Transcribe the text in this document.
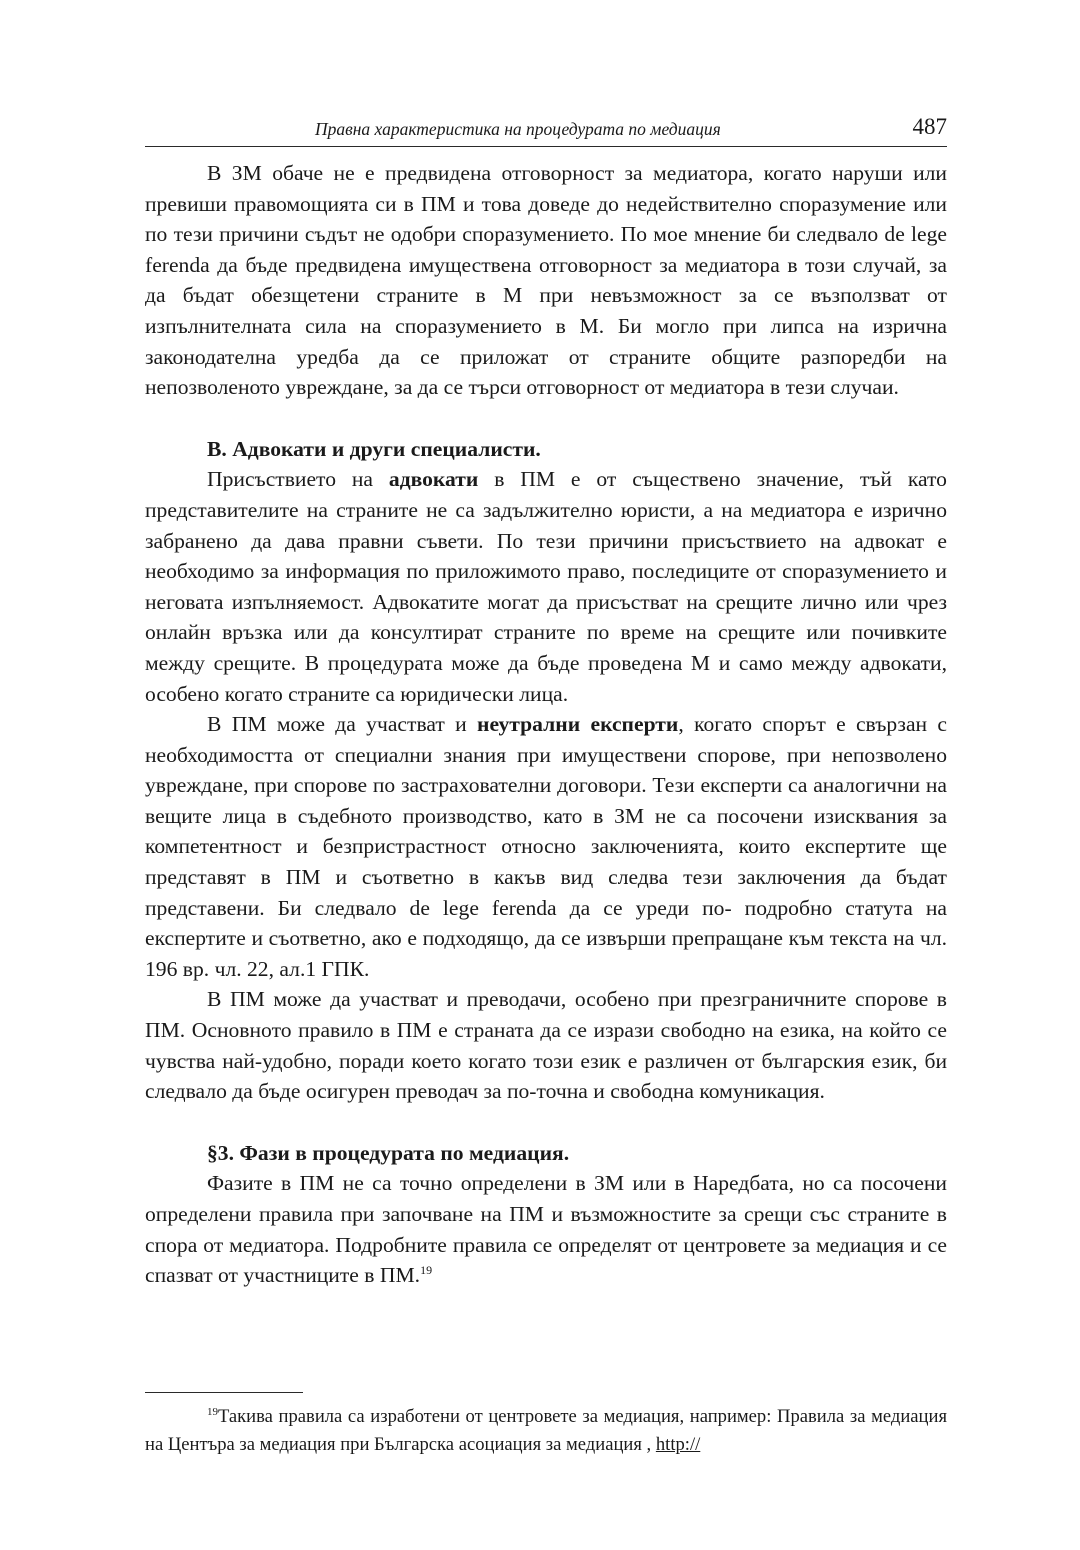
Правна характеристика на процедурата по медиация	487

В ЗМ обаче не е предвидена отговорност за медиатора, когато наруши или превиши правомощията си в ПМ и това доведе до недействително споразумение или по тези причини съдът не одобри споразумението. По мое мнение би следвало de lege ferenda да бъде предвидена имуществена отговорност за медиатора в този случай, за да бъдат обезщетени страните в М при невъзможност за се възползват от изпълнителната сила на споразумението в М. Би могло при липса на изрична законодателна уредба да се приложат от страните общите разпоредби на непозволеното увреждане, за да се търси отговорност от медиатора в тези случаи.

В. Адвокати и други специалисти.

Присъствието на адвокати в ПМ е от съществено значение, тъй като представителите на страните не са задължително юристи, а на медиатора е изрично забранено да дава правни съвети. По тези причини присъствието на адвокат е необходимо за информация по приложимото право, последиците от споразумението и неговата изпълняемост. Адвокатите могат да присъстват на срещите лично или чрез онлайн връзка или да консултират страните по време на срещите или почивките между срещите. В процедурата може да бъде проведена М и само между адвокати, особено когато страните са юридически лица.

В ПМ може да участват и неутрални експерти, когато спорът е свързан с необходимостта от специални знания при имуществени спорове, при непозволено увреждане, при спорове по застрахователни договори. Тези експерти са аналогични на вещите лица в съдебното производство, като в ЗМ не са посочени изисквания за компетентност и безпристрастност относно заключенията, които експертите ще представят в ПМ и съответно в какъв вид следва тези заключения да бъдат представени. Би следвало de lege ferenda да се уреди по- подробно статута на експертите и съответно, ако е подходящо, да се извърши препращане към текста на чл. 196 вр. чл. 22, ал.1 ГПК.

В ПМ може да участват и преводачи, особено при презграничните спорове в ПМ. Основното правило в ПМ е страната да се изрази свободно на езика, на който се чувства най-удобно, поради което когато този език е различен от българския език, би следвало да бъде осигурен преводач за по-точна и свободна комуникация.

§3. Фази в процедурата по медиация.

Фазите в ПМ не са точно определени в ЗМ или в Наредбата, но са посочени определени правила при започване на ПМ и възможностите за срещи със страните в спора от медиатора. Подробните правила се определят от центровете за медиация и се спазват от участниците в ПМ.$^{19}$

$^{19}$Такива правила са изработени от центровете за медиация, например: Правила за медиация на Центъра за медиация при Българска асоциация за медиация , http://
